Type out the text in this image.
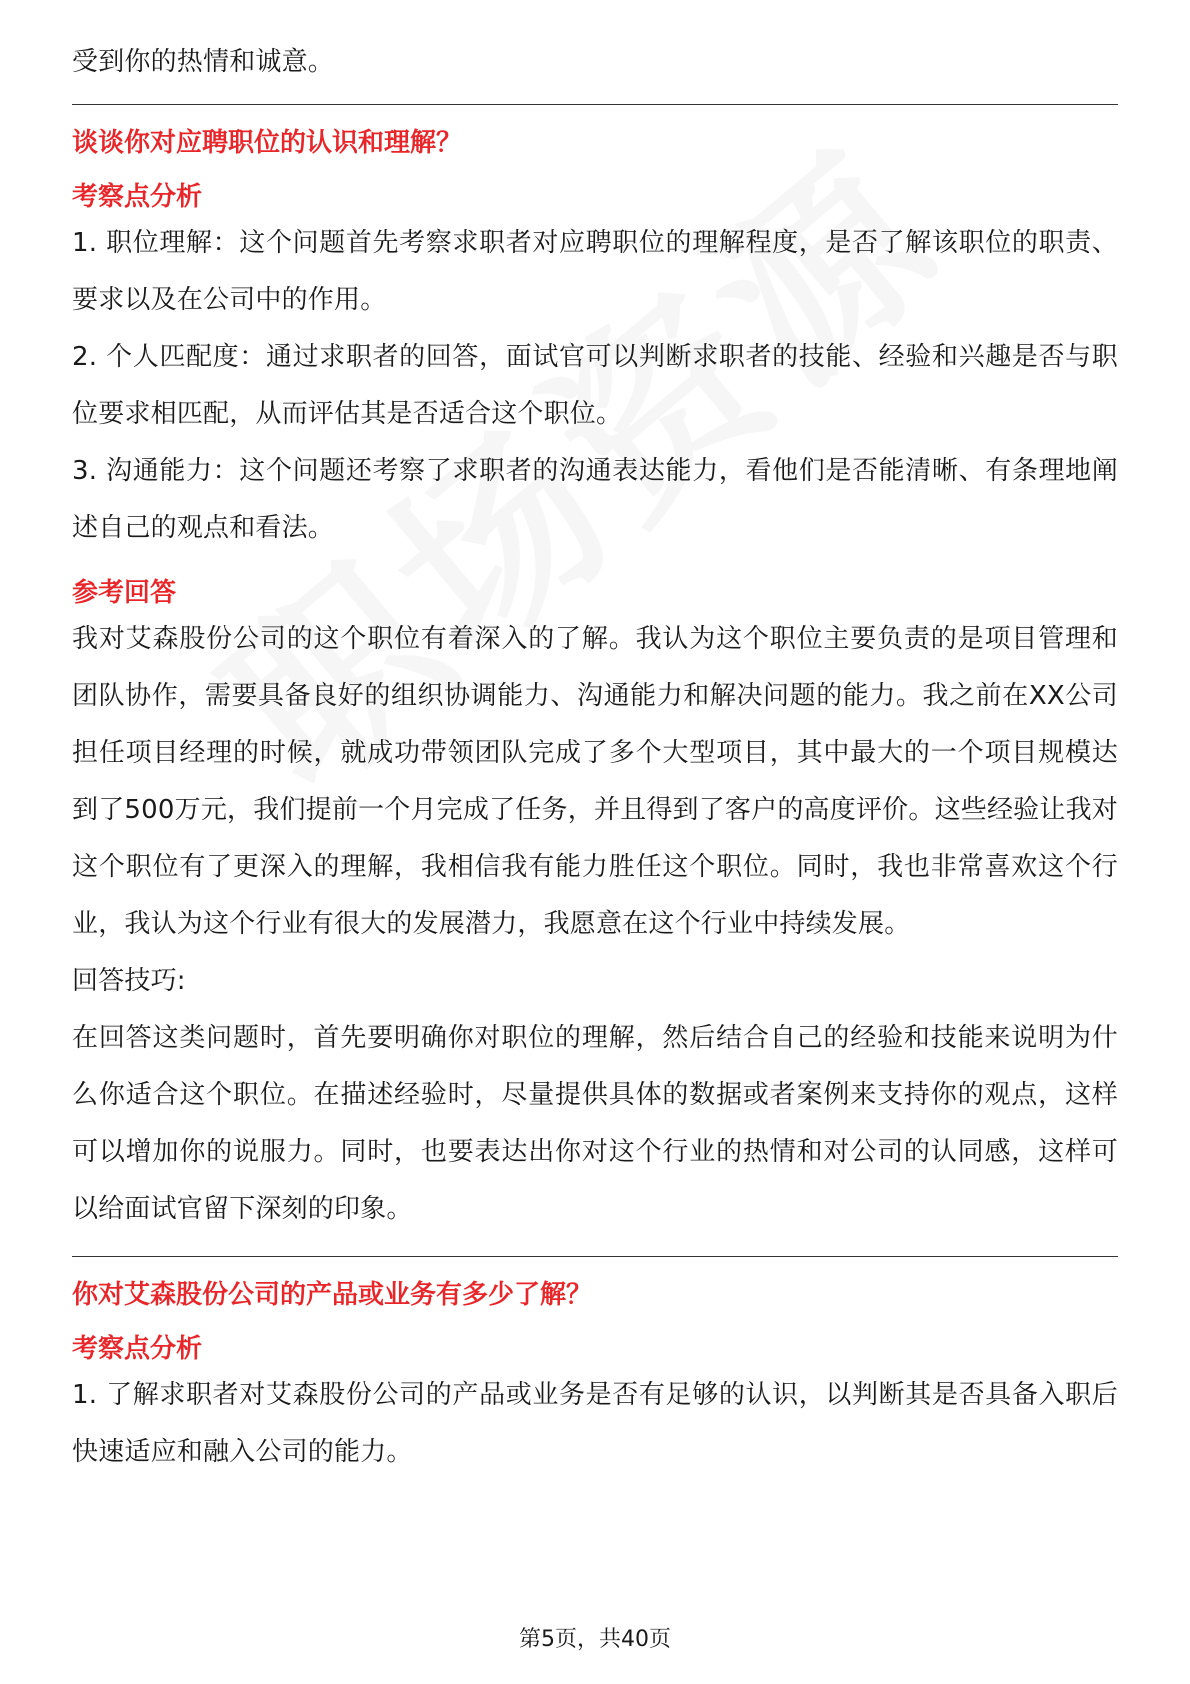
受到你的热情和诚意。

谈谈你对应聘职位的认识和理解？

考察点分析

1. 职位理解：这个问题首先考察求职者对应聘职位的理解程度，是否了解该职位的职责、要求以及在公司中的作用。

2. 个人匹配度：通过求职者的回答，面试官可以判断求职者的技能、经验和兴趣是否与职位要求相匹配，从而评估其是否适合这个职位。

3. 沟通能力：这个问题还考察了求职者的沟通表达能力，看他们是否能清晰、有条理地阐述自己的观点和看法。

参考回答

我对艾森股份公司的这个职位有着深入的了解。我认为这个职位主要负责的是项目管理和团队协作，需要具备良好的组织协调能力、沟通能力和解决问题的能力。我之前在XX公司担任项目经理的时候，就成功带领团队完成了多个大型项目，其中最大的一个项目规模达到了500万元，我们提前一个月完成了任务，并且得到了客户的高度评价。这些经验让我对这个职位有了更深入的理解，我相信我有能力胜任这个职位。同时，我也非常喜欢这个行业，我认为这个行业有很大的发展潜力，我愿意在这个行业中持续发展。

回答技巧:

在回答这类问题时，首先要明确你对职位的理解，然后结合自己的经验和技能来说明为什么你适合这个职位。在描述经验时，尽量提供具体的数据或者案例来支持你的观点，这样可以增加你的说服力。同时，也要表达出你对这个行业的热情和对公司的认同感，这样可以给面试官留下深刻的印象。

你对艾森股份公司的产品或业务有多少了解？

考察点分析

1. 了解求职者对艾森股份公司的产品或业务是否有足够的认识，以判断其是否具备入职后快速适应和融入公司的能力。

第5页，共40页
